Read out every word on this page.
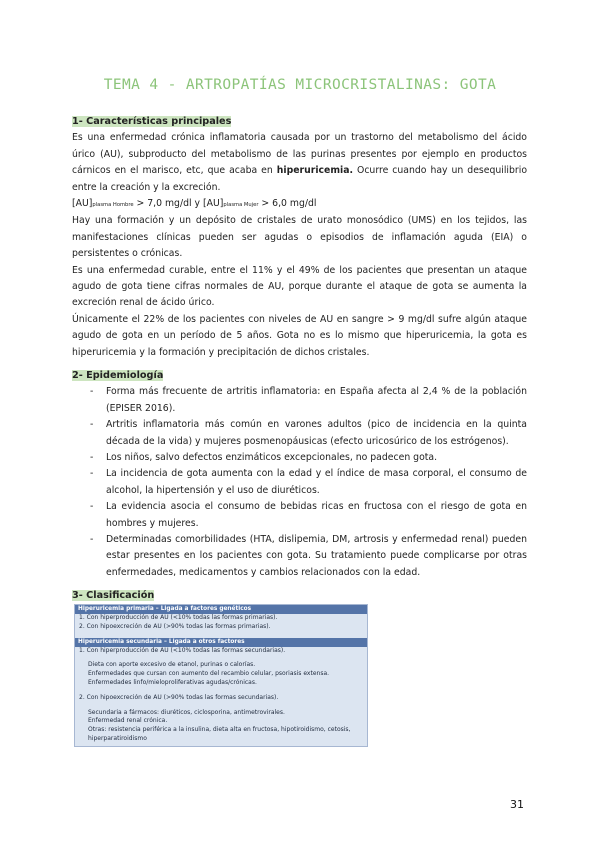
TEMA 4 - ARTROPATÍAS MICROCRISTALINAS: GOTA

1- Características principales

Es una enfermedad crónica inflamatoria causada por un trastorno del metabolismo del ácido úrico (AU), subproducto del metabolismo de las purinas presentes por ejemplo en productos cárnicos en el marisco, etc, que acaba en hiperuricemia. Ocurre cuando hay un desequilibrio entre la creación y la excreción.

[AU]plasma Hombre > 7,0 mg/dl y [AU]plasma Mujer > 6,0 mg/dl

Hay una formación y un depósito de cristales de urato monosódico (UMS) en los tejidos, las manifestaciones clínicas pueden ser agudas o episodios de inflamación aguda (EIA) o persistentes o crónicas.

Es una enfermedad curable, entre el 11% y el 49% de los pacientes que presentan un ataque agudo de gota tiene cifras normales de AU, porque durante el ataque de gota se aumenta la excreción renal de ácido úrico.

Únicamente el 22% de los pacientes con niveles de AU en sangre > 9 mg/dl sufre algún ataque agudo de gota en un período de 5 años. Gota no es lo mismo que hiperuricemia, la gota es hiperuricemia y la formación y precipitación de dichos cristales.

2- Epidemiología

- Forma más frecuente de artritis inflamatoria: en España afecta al 2,4 % de la población (EPISER 2016).
- Artritis inflamatoria más común en varones adultos (pico de incidencia en la quinta década de la vida) y mujeres posmenopáusicas (efecto uricosúrico de los estrógenos).
- Los niños, salvo defectos enzimáticos excepcionales, no padecen gota.
- La incidencia de gota aumenta con la edad y el índice de masa corporal, el consumo de alcohol, la hipertensión y el uso de diuréticos.
- La evidencia asocia el consumo de bebidas ricas en fructosa con el riesgo de gota en hombres y mujeres.
- Determinadas comorbilidades (HTA, dislipemia, DM, artrosis y enfermedad renal) pueden estar presentes en los pacientes con gota. Su tratamiento puede complicarse por otras enfermedades, medicamentos y cambios relacionados con la edad.

3- Clasificación

Hiperuricemia primaria – Ligada a factores genéticos
1. Con hiperproducción de AU (<10% todas las formas primarias).
2. Con hipoexcreción de AU (>90% todas las formas primarias).
Hiperuricemia secundaria – Ligada a otros factores
1. Con hiperproducción de AU (<10% todas las formas secundarias).
Dieta con aporte excesivo de etanol, purinas o calorías.
Enfermedades que cursan con aumento del recambio celular, psoriasis extensa.
Enfermedades linfo/mieloproliferativas agudas/crónicas.
2. Con hipoexcreción de AU (>90% todas las formas secundarias).
Secundaria a fármacos: diuréticos, ciclosporina, antimetrovirales.
Enfermedad renal crónica.
Otras: resistencia periférica a la insulina, dieta alta en fructosa, hipotiroidismo, cetosis,
hiperparatiroidismo
31
